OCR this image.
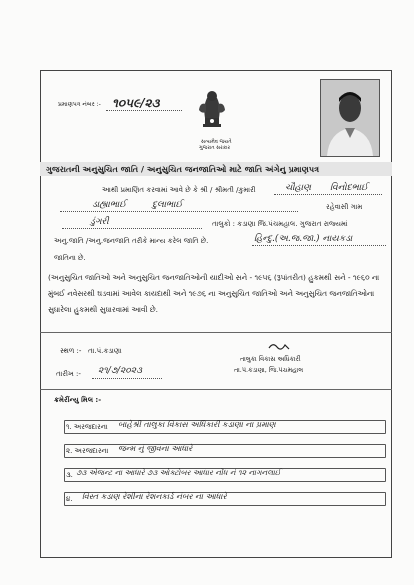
પ્રમાણપત્ર નંબર :- ૧૦૫૯/૨૩
સત્યમેવ જયતે
ગુજરાત સરકાર
ગુજરાતની અનુસુચિત જાતિ / અનુસુચિત જનજાતિઓ માટે જાતિ અંગેનુ પ્રમાણપત્ર
આથી પ્રમાણિત કરવામાં આવે છે કે શ્રી / શ્રીમતી /કુમારી	ચૌહાણ વિનોદભાઈ
ડાહ્યાભાઈ	દુલાભાઈ	રહેવાસી ગામ
ડુંગરી	તાલુકો : કડાણા જિ.પંચમહાલ. ગુજરાત રાજ્યમાં
અનુ.જાતિ /અનુ.જનજાતિ તરીકે માન્ય કરેલ જાતિ છે.	હિન્દુ.(અ.જ.જા.) નાયકડા
જાતિના છે.
(અનુસુચિત જાતિઓ અને અનુસુચિત જનજાતિઓની યાદીઓ સને - ૧૯૫૬ (રૂપાંતરીત) હુકમથી સને - ૧૯૬૦ ના મુંબઈ નવેસરથી ઘડવામાં આવેલ કાયદાથી અને ૧૯૭૬ ના અનુસુચિત જાતિઓ અને અનુસુચિત જનજાતિઓના સુધારેલા હુકમથી સુધારવામાં આવી છે.
સ્થળ :- તા.પં.કડાણા
તારીખ :- ૨૧/૭/૨૦૨૩
તાલુકા વિકાસ અધિકારી
તા.પં.કડાણા, જિ.પંચમહાલ
ક્રમેરીંન્યુ મિલ :-
૧. અરજદારના બાહેશ્રી તાલુકા વિકાસ અધિકારી કડાણા ના પ્રમાણ
૨. અરજદારના જન્મ નું જીવના આધારે
૩. ૭૩ એજન્ટ ના આધારે ૭૩ ઓક્ટોબર આધાર નોંધ નં ૧૨ નાગનલાઈ
૪. વિસ્ત કડાણ રેશીના રેશનકાર્ડ નંબર ના આધારે
